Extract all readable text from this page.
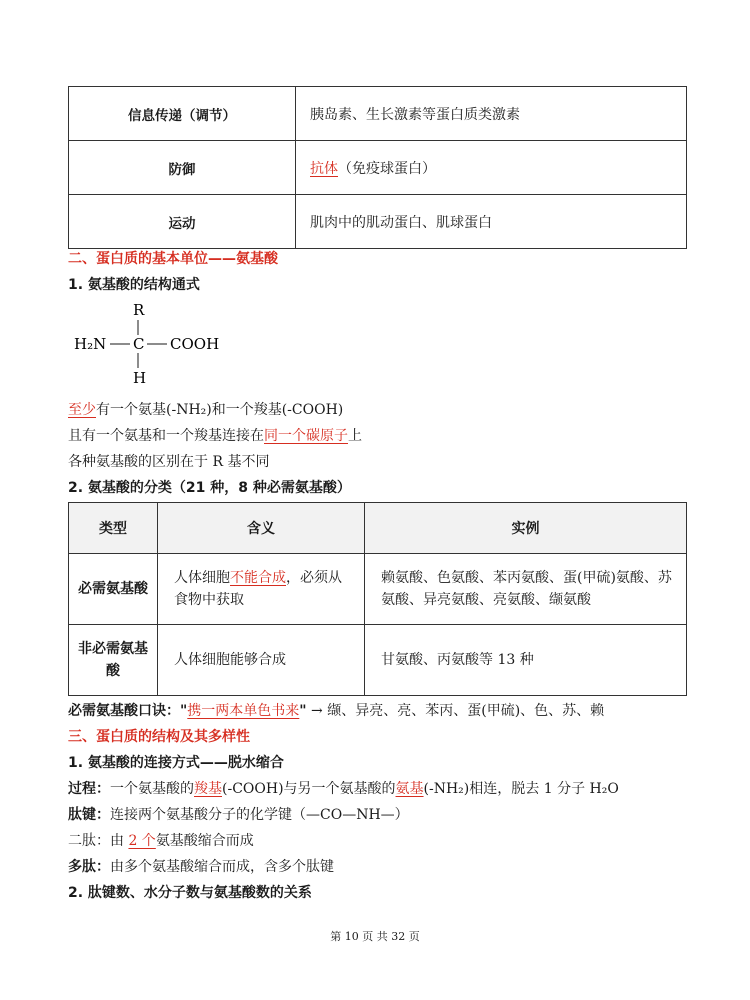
信息传递（调节）	胰岛素、生长激素等蛋白质类激素
防御	抗体（免疫球蛋白）
运动	肌肉中的肌动蛋白、肌球蛋白
二、蛋白质的基本单位——氨基酸
1. 氨基酸的结构通式
R
H₂N C COOH
H
至少有一个氨基(-NH₂)和一个羧基(-COOH)
且有一个氨基和一个羧基连接在同一个碳原子上
各种氨基酸的区别在于 R 基不同
2. 氨基酸的分类（21 种，8 种必需氨基酸）
类型	含义	实例
必需氨基酸	人体细胞不能合成，必须从食物中获取	赖氨酸、色氨酸、苯丙氨酸、蛋(甲硫)氨酸、苏氨酸、异亮氨酸、亮氨酸、缬氨酸
非必需氨基酸	人体细胞能够合成	甘氨酸、丙氨酸等 13 种
必需氨基酸口诀："携一两本单色书来" → 缬、异亮、亮、苯丙、蛋(甲硫)、色、苏、赖
三、蛋白质的结构及其多样性
1. 氨基酸的连接方式——脱水缩合
过程：一个氨基酸的羧基(-COOH)与另一个氨基酸的氨基(-NH₂)相连，脱去 1 分子 H₂O
肽键：连接两个氨基酸分子的化学键（—CO—NH—）
二肽：由 2 个氨基酸缩合而成
多肽：由多个氨基酸缩合而成，含多个肽键
2. 肽键数、水分子数与氨基酸数的关系
第 10 页 共 32 页
